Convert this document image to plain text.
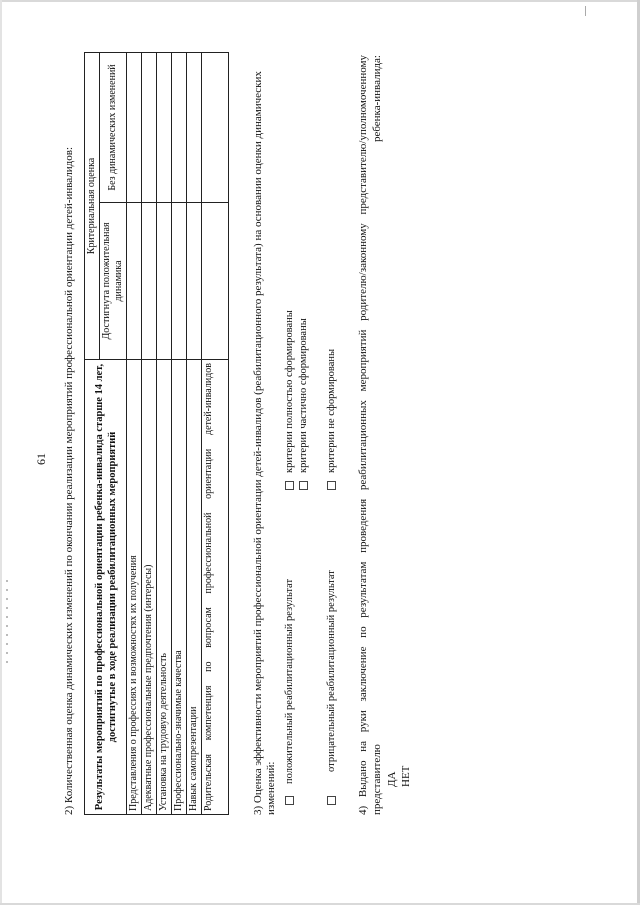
61 2) Количественная оценка динамических изменений по окончании реализации мероприятий профессиональной ориентации детей-инвалидов: Результаты мероприятий по профессиональной ориентации ребенка-инвалида старше 14 лет, достигнутые в ходе реализации реабилитационных мероприятий	Критериальная оценка	
	Достигнута положительная динамика	Без динамических изменений
Представления о профессиях и возможностях их получения		
Адекватные профессиональные предпочтения (интересы)		
Установка на трудовую деятельность		
Профессионально-значимые качества		
Навык самопрезентации		
Родительская компетенция по вопросам профессиональной ориентации детей-инвалидов			3) Оценка эффективности мероприятий профессиональной ориентации детей-инвалидов (реабилитационного результата) на основании оценки динамических изменений:
положительный реабилитационный результат
критерии полностью сформированы критерии частично сформированы
отрицательный реабилитационный результат
критерии не сформированы 4) Выдано на руки заключение по результатам проведения реабилитационных мероприятий родителю/законному представителю/уполномоченному представителю ребенка-инвалида: ДА НЕТ
